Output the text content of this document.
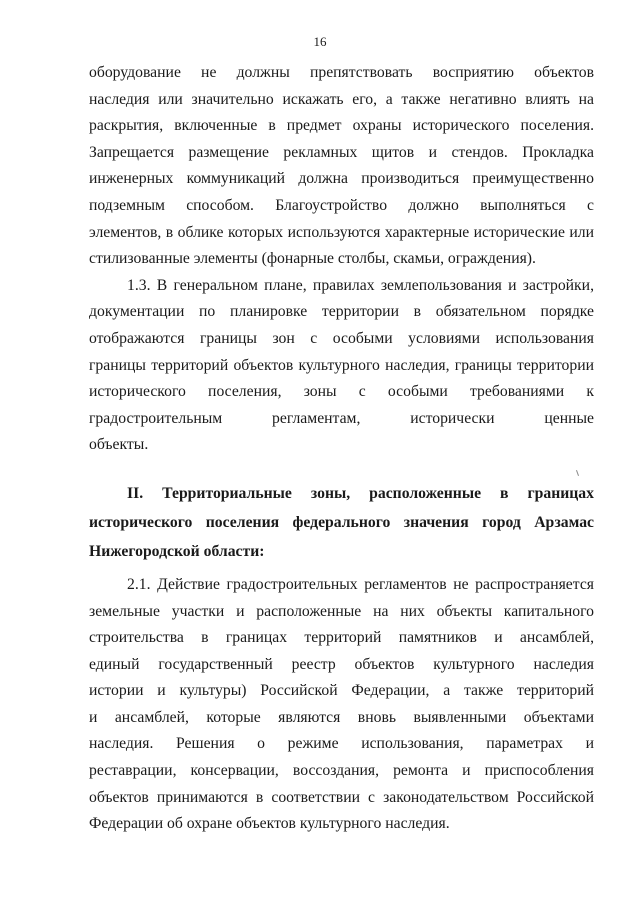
16
оборудование не должны препятствовать восприятию объектов
наследия или значительно искажать его, а также негативно влиять на
раскрытия, включенные в предмет охраны исторического поселения.
Запрещается размещение рекламных щитов и стендов. Прокладка
инженерных коммуникаций должна производиться преимущественно
подземным способом. Благоустройство должно выполняться с
элементов, в облике которых используются характерные исторические или
стилизованные элементы (фонарные столбы, скамьи, ограждения).
1.3. В генеральном плане, правилах землепользования и застройки,
документации по планировке территории в обязательном порядке
отображаются границы зон с особыми условиями использования
границы территорий объектов культурного наследия, границы территории
исторического поселения, зоны с особыми требованиями к
градостроительным регламентам, исторически ценные
объекты.
II. Территориальные зоны, расположенные в границах
исторического поселения федерального значения город Арзамас
Нижегородской области:
2.1. Действие градостроительных регламентов не распространяется
земельные участки и расположенные на них объекты капитального
строительства в границах территорий памятников и ансамблей,
единый государственный реестр объектов культурного наследия
истории и культуры) Российской Федерации, а также территорий
и ансамблей, которые являются вновь выявленными объектами
наследия. Решения о режиме использования, параметрах и
реставрации, консервации, воссоздания, ремонта и приспособления
объектов принимаются в соответствии с законодательством Российской
Федерации об охране объектов культурного наследия.
